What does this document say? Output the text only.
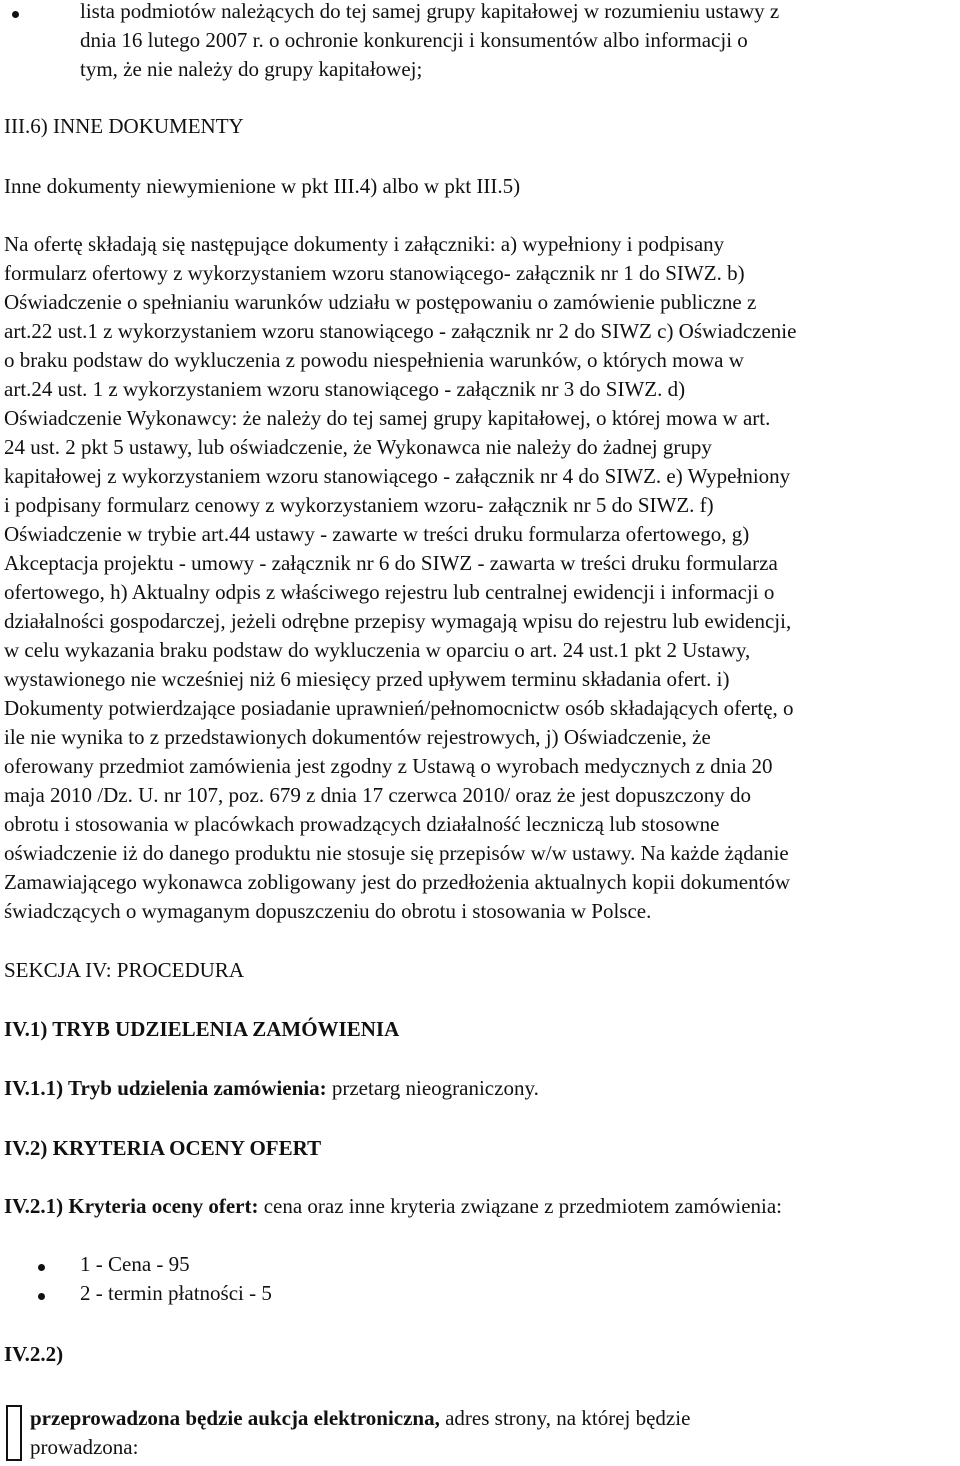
lista podmiotów należących do tej samej grupy kapitałowej w rozumieniu ustawy z
dnia 16 lutego 2007 r. o ochronie konkurencji i konsumentów albo informacji o
tym, że nie należy do grupy kapitałowej;
III.6) INNE DOKUMENTY
Inne dokumenty niewymienione w pkt III.4) albo w pkt III.5)
Na ofertę składają się następujące dokumenty i załączniki: a) wypełniony i podpisany
formularz ofertowy z wykorzystaniem wzoru stanowiącego- załącznik nr 1 do SIWZ. b)
Oświadczenie o spełnianiu warunków udziału w postępowaniu o zamówienie publiczne z
art.22 ust.1 z wykorzystaniem wzoru stanowiącego - załącznik nr 2 do SIWZ c) Oświadczenie
o braku podstaw do wykluczenia z powodu niespełnienia warunków, o których mowa w
art.24 ust. 1 z wykorzystaniem wzoru stanowiącego - załącznik nr 3 do SIWZ. d)
Oświadczenie Wykonawcy: że należy do tej samej grupy kapitałowej, o której mowa w art.
24 ust. 2 pkt 5 ustawy, lub oświadczenie, że Wykonawca nie należy do żadnej grupy
kapitałowej z wykorzystaniem wzoru stanowiącego - załącznik nr 4 do SIWZ. e) Wypełniony
i podpisany formularz cenowy z wykorzystaniem wzoru- załącznik nr 5 do SIWZ. f)
Oświadczenie w trybie art.44 ustawy - zawarte w treści druku formularza ofertowego, g)
Akceptacja projektu - umowy - załącznik nr 6 do SIWZ - zawarta w treści druku formularza
ofertowego, h) Aktualny odpis z właściwego rejestru lub centralnej ewidencji i informacji o
działalności gospodarczej, jeżeli odrębne przepisy wymagają wpisu do rejestru lub ewidencji,
w celu wykazania braku podstaw do wykluczenia w oparciu o art. 24 ust.1 pkt 2 Ustawy,
wystawionego nie wcześniej niż 6 miesięcy przed upływem terminu składania ofert. i)
Dokumenty potwierdzające posiadanie uprawnień/pełnomocnictw osób składających ofertę, o
ile nie wynika to z przedstawionych dokumentów rejestrowych, j) Oświadczenie, że
oferowany przedmiot zamówienia jest zgodny z Ustawą o wyrobach medycznych z dnia 20
maja 2010 /Dz. U. nr 107, poz. 679 z dnia 17 czerwca 2010/ oraz że jest dopuszczony do
obrotu i stosowania w placówkach prowadzących działalność leczniczą lub stosowne
oświadczenie iż do danego produktu nie stosuje się przepisów w/w ustawy. Na każde żądanie
Zamawiającego wykonawca zobligowany jest do przedłożenia aktualnych kopii dokumentów
świadczących o wymaganym dopuszczeniu do obrotu i stosowania w Polsce.
SEKCJA IV: PROCEDURA
IV.1) TRYB UDZIELENIA ZAMÓWIENIA
IV.1.1) Tryb udzielenia zamówienia: przetarg nieograniczony.
IV.2) KRYTERIA OCENY OFERT
IV.2.1) Kryteria oceny ofert: cena oraz inne kryteria związane z przedmiotem zamówienia:
1 - Cena - 95
2 - termin płatności - 5
IV.2.2)
przeprowadzona będzie aukcja elektroniczna, adres strony, na której będzie
prowadzona:
